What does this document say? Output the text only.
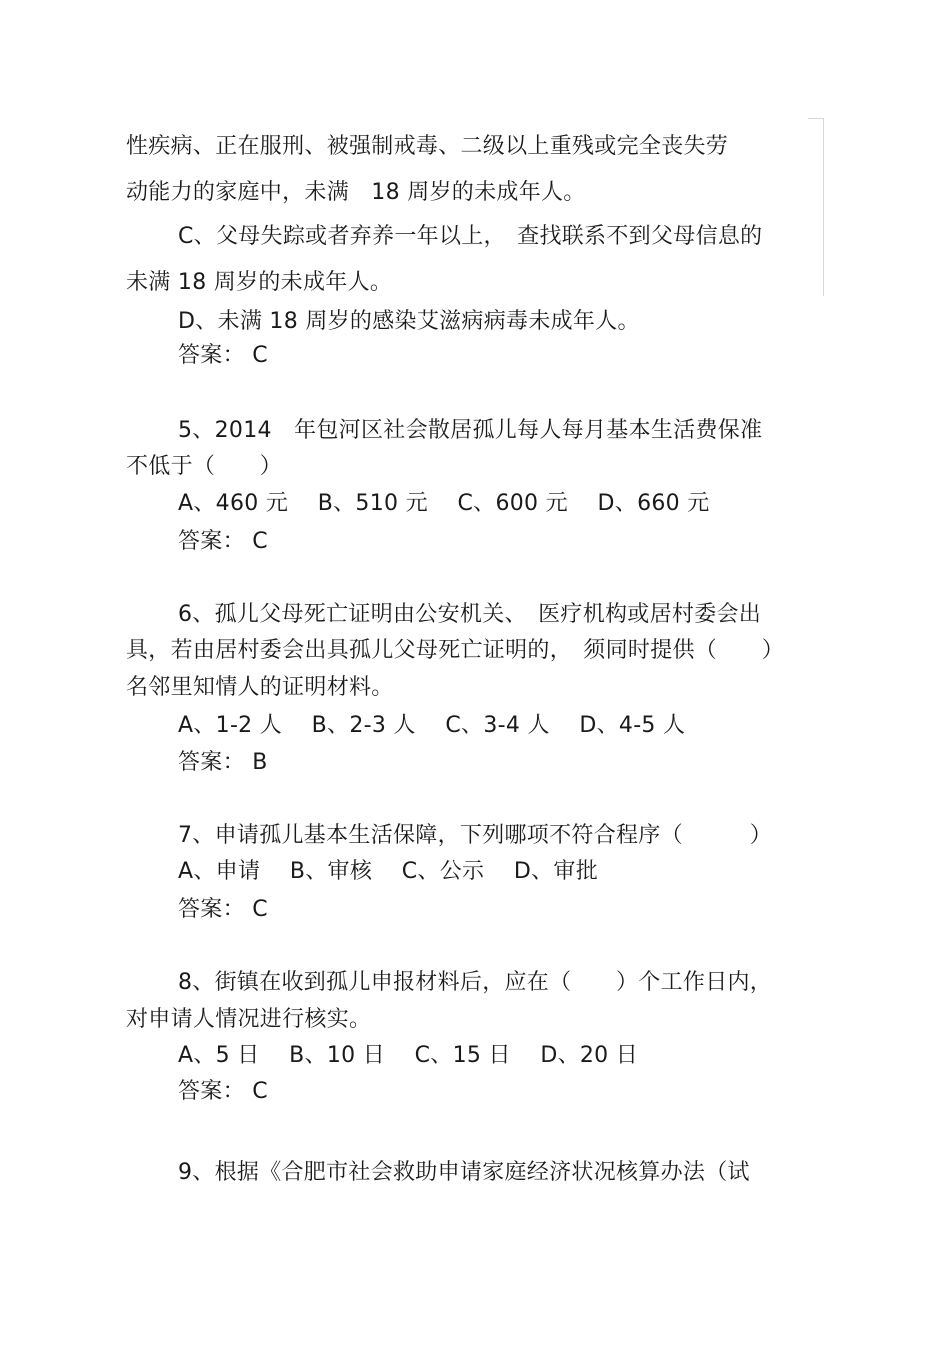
性疾病、正在服刑、被强制戒毒、二级以上重残或完全丧失劳
动能力的家庭中，未满　18 周岁的未成年人。
C、父母失踪或者弃养一年以上，　查找联系不到父母信息的
未满 18 周岁的未成年人。
D、未满 18 周岁的感染艾滋病病毒未成年人。
答案： C
5、2014　年包河区社会散居孤儿每人每月基本生活费保准
不低于（　　）
A、460 元　 B、510 元　 C、600 元　 D、660 元
答案： C
6、孤儿父母死亡证明由公安机关、　医疗机构或居村委会出
具，若由居村委会出具孤儿父母死亡证明的，　须同时提供（　　）
名邻里知情人的证明材料。
A、1-2 人　 B、2-3 人　 C、3-4 人　 D、4-5 人
答案： B
7、申请孤儿基本生活保障，下列哪项不符合程序（　　　）
A、申请　 B、审核　 C、公示　 D、审批
答案： C
8、街镇在收到孤儿申报材料后，应在（　　）个工作日内，
对申请人情况进行核实。
A、5 日　 B、10 日　 C、15 日　 D、20 日
答案： C
9、根据《合肥市社会救助申请家庭经济状况核算办法（试
